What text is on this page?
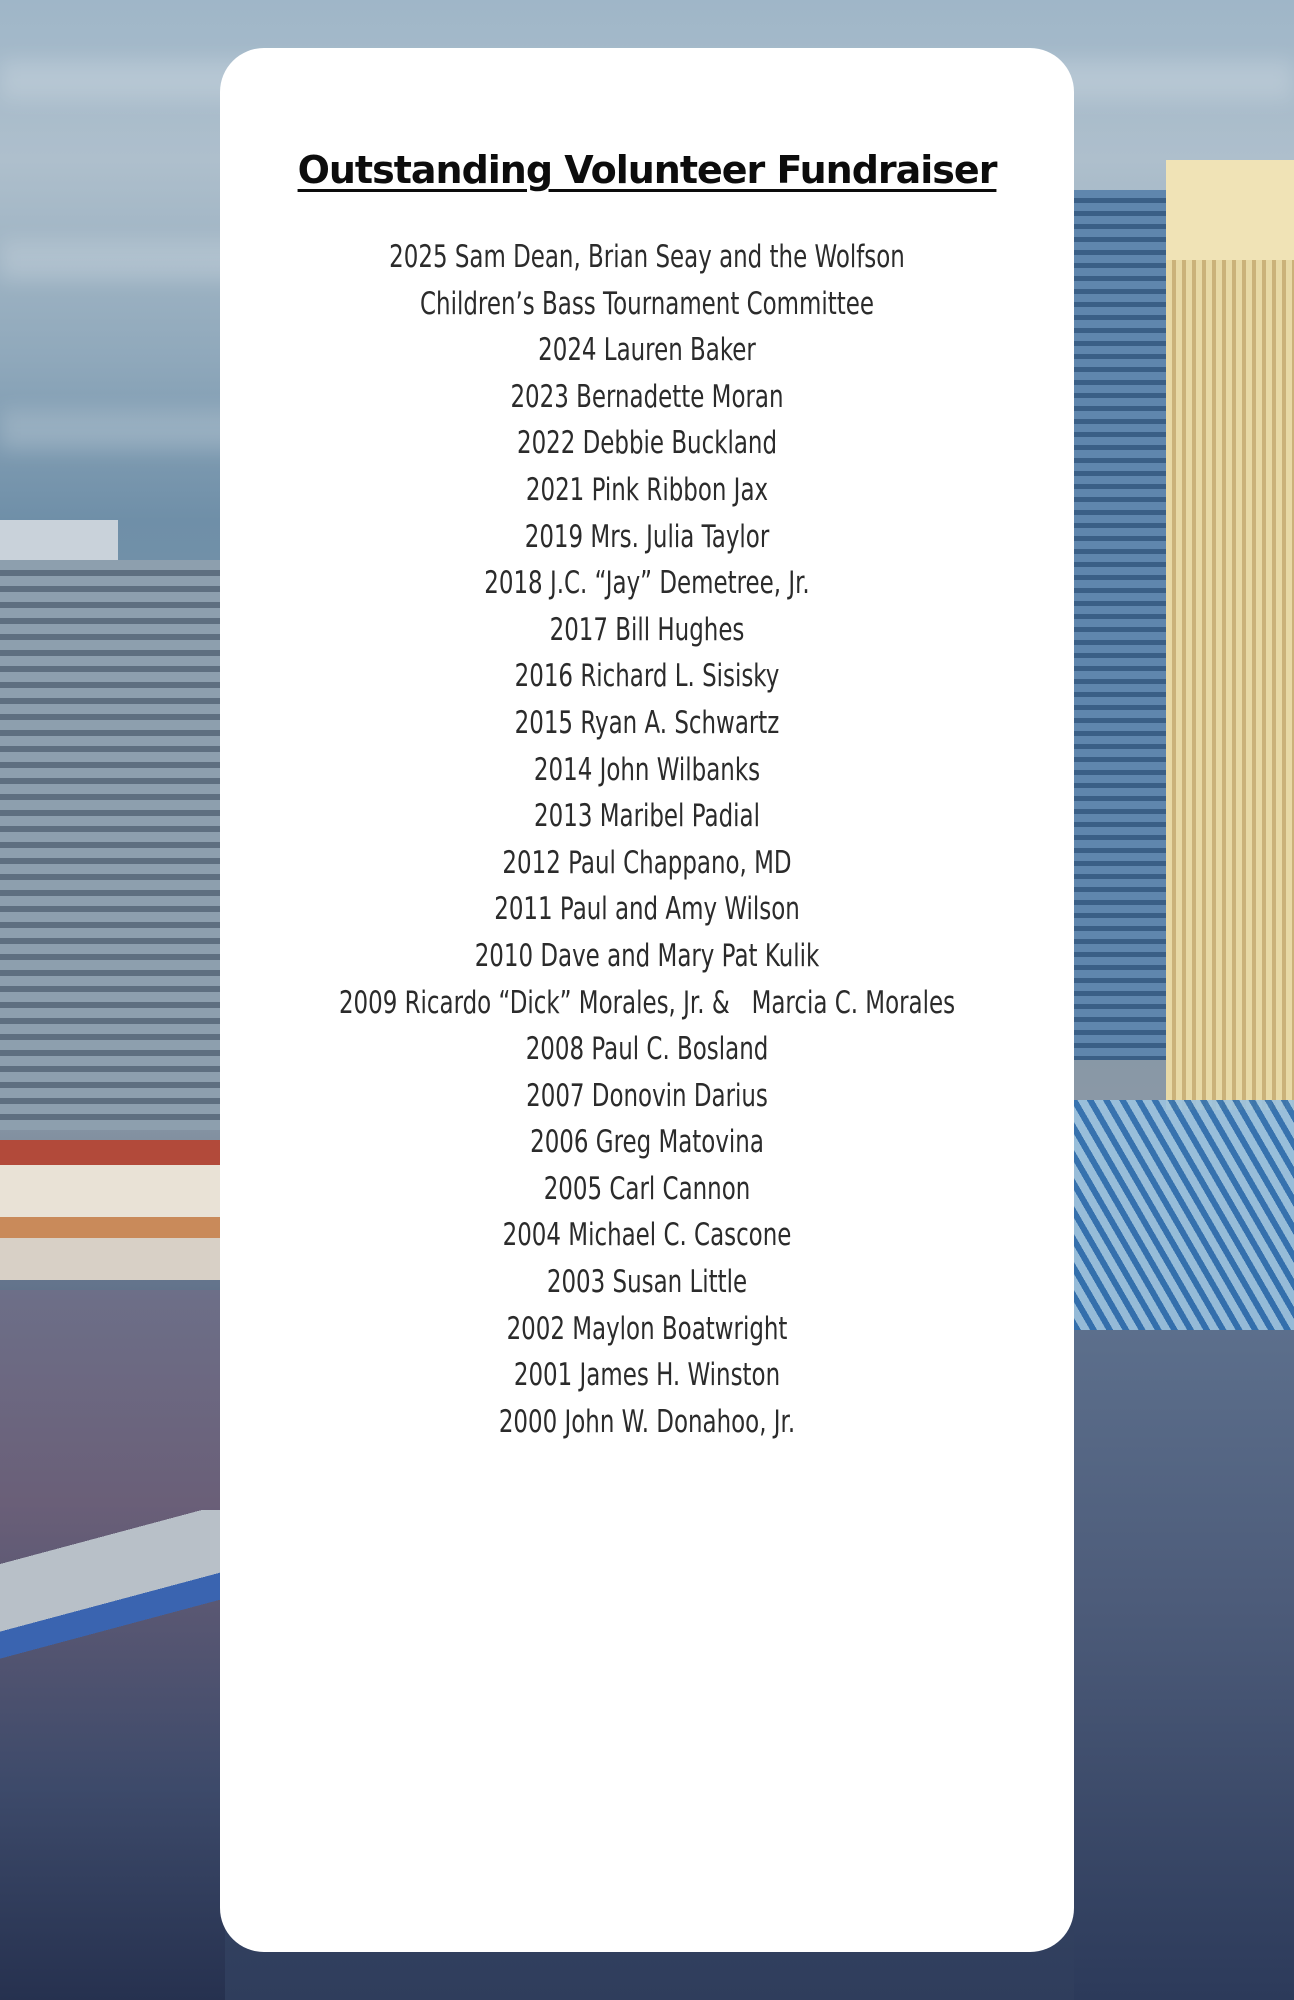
Outstanding Volunteer Fundraiser
2025 Sam Dean, Brian Seay and the Wolfson
Children’s Bass Tournament Committee
2024 Lauren Baker
2023 Bernadette Moran
2022 Debbie Buckland
2021 Pink Ribbon Jax
2019 Mrs. Julia Taylor
2018 J.C. “Jay” Demetree, Jr.
2017 Bill Hughes
2016 Richard L. Sisisky
2015 Ryan A. Schwartz
2014 John Wilbanks
2013 Maribel Padial
2012 Paul Chappano, MD
2011 Paul and Amy Wilson
2010 Dave and Mary Pat Kulik
2009 Ricardo “Dick” Morales, Jr. &   Marcia C. Morales
2008 Paul C. Bosland
2007 Donovin Darius
2006 Greg Matovina
2005 Carl Cannon
2004 Michael C. Cascone
2003 Susan Little
2002 Maylon Boatwright
2001 James H. Winston
2000 John W. Donahoo, Jr.
